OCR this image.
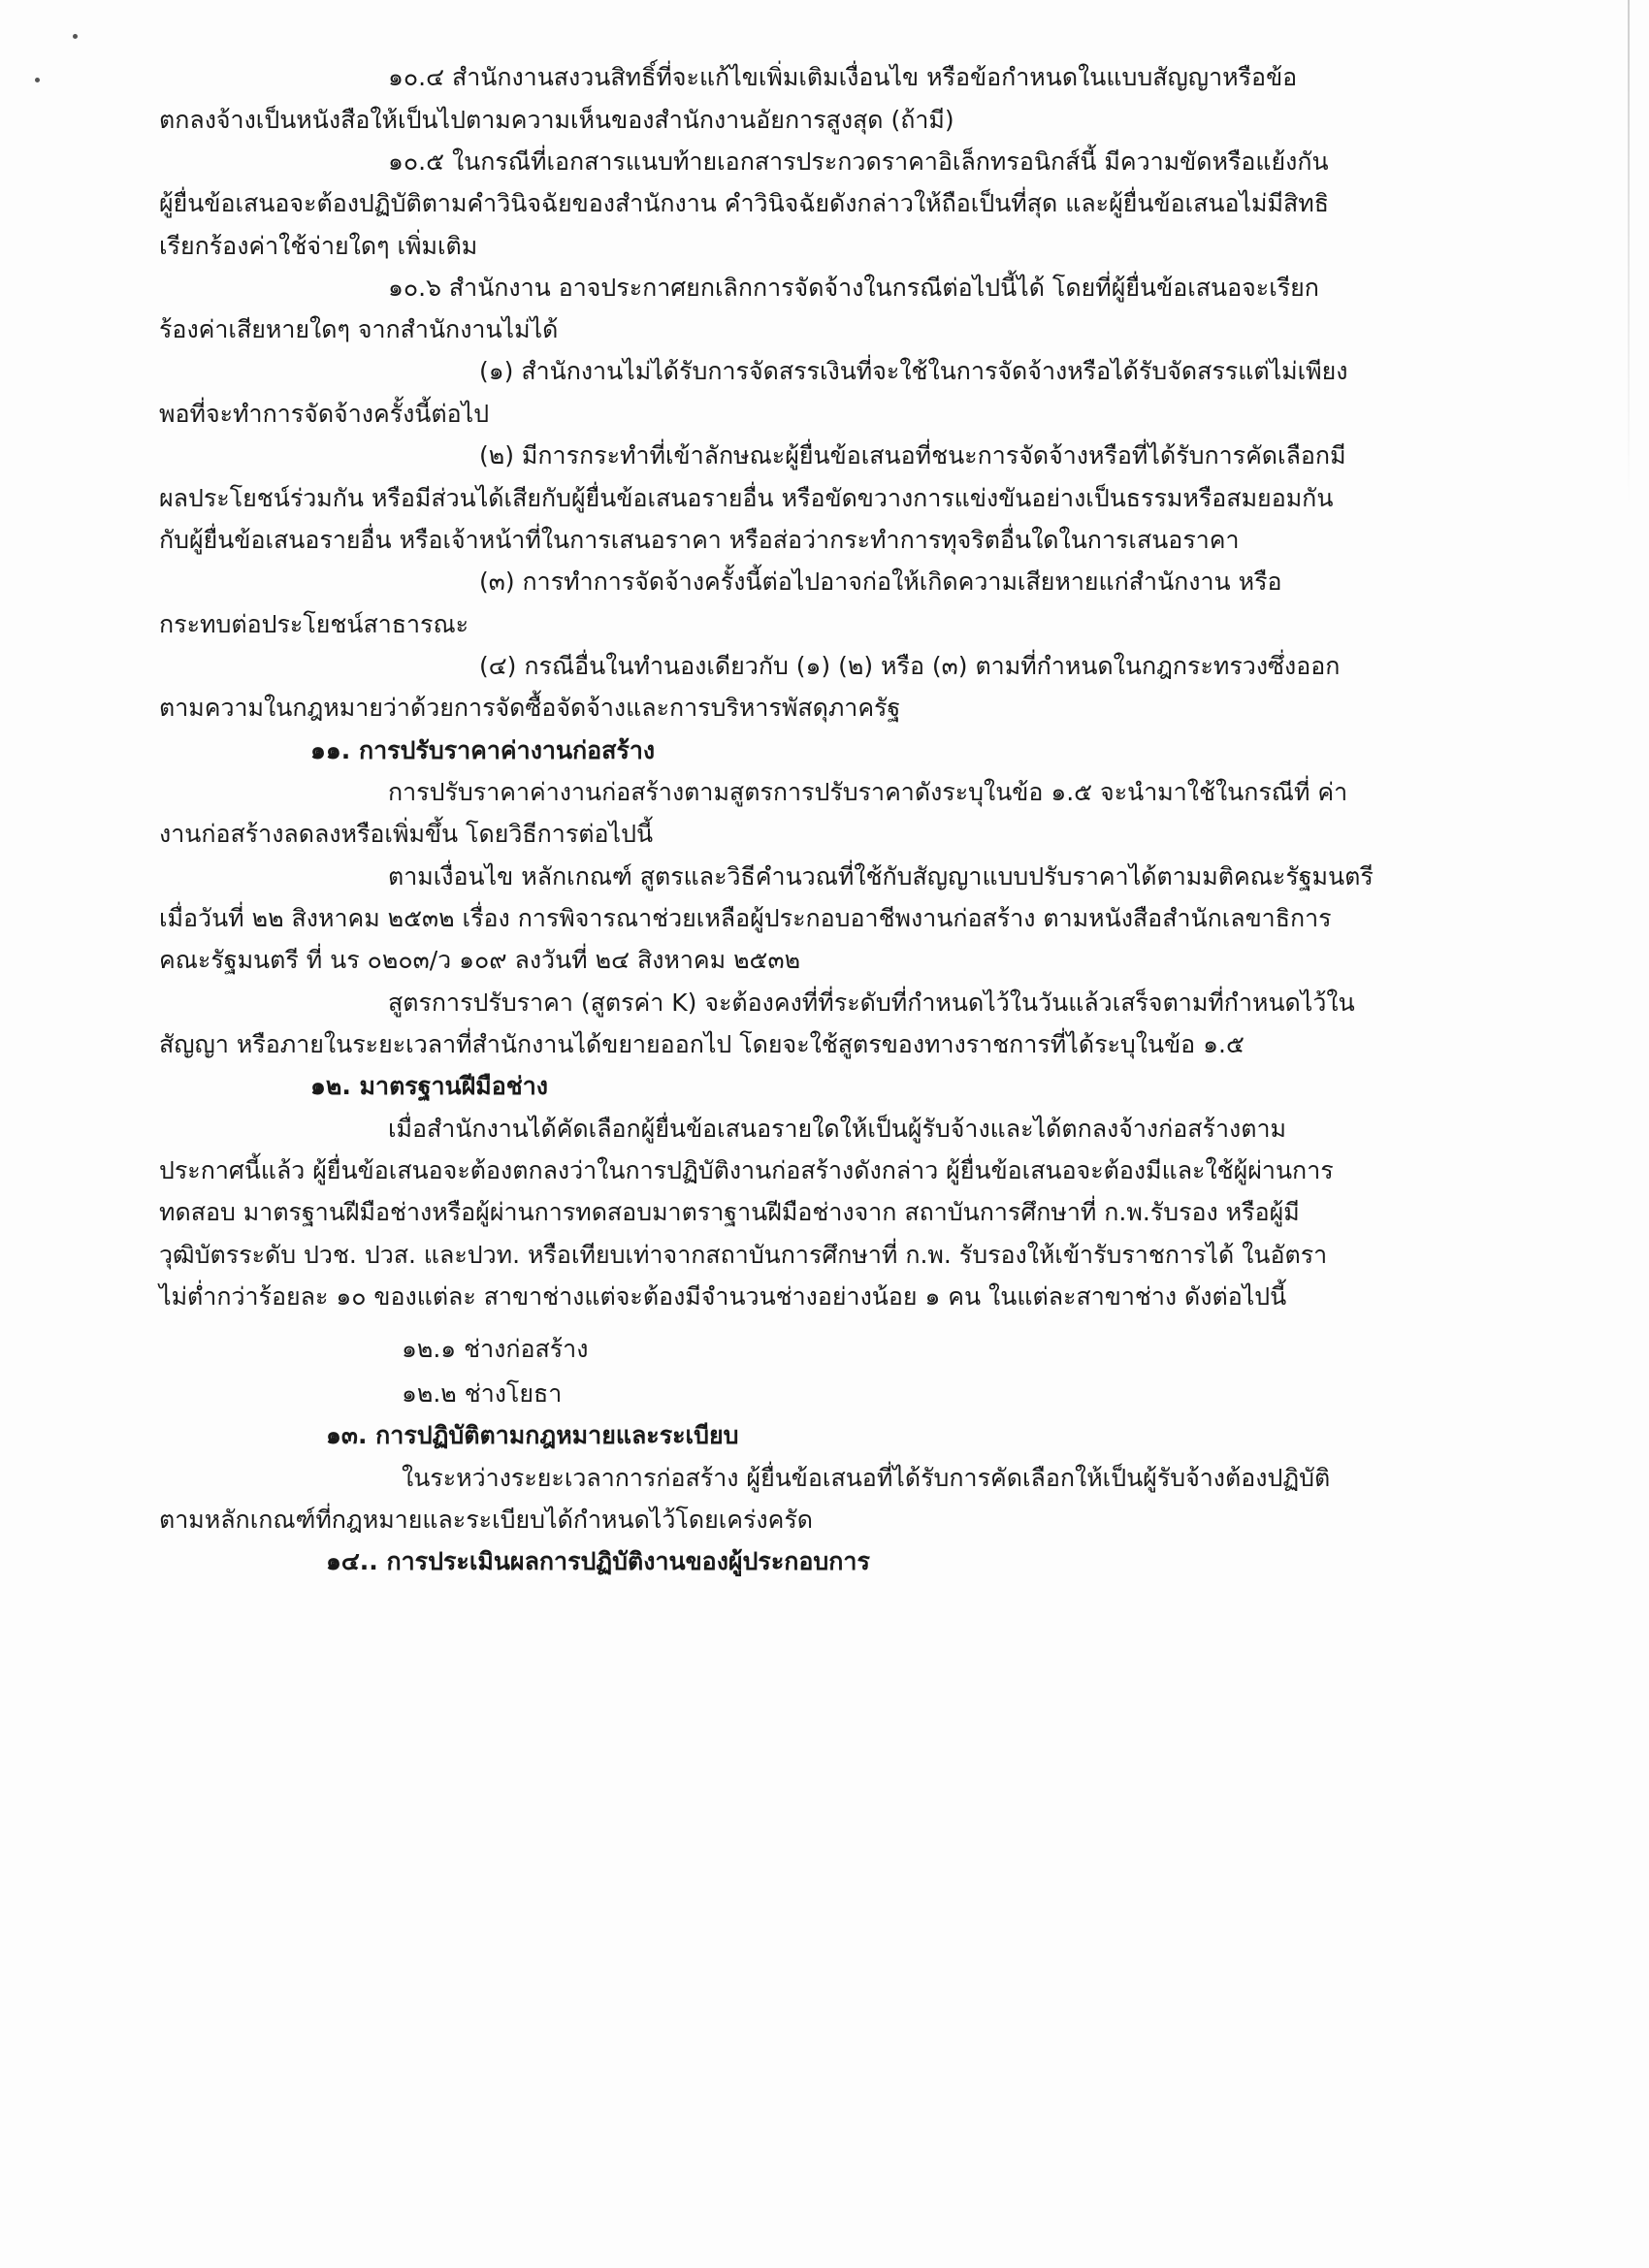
๑๐.๔ สำนักงานสงวนสิทธิ์ที่จะแก้ไขเพิ่มเติมเงื่อนไข หรือข้อกำหนดในแบบสัญญาหรือข้อ
ตกลงจ้างเป็นหนังสือให้เป็นไปตามความเห็นของสำนักงานอัยการสูงสุด (ถ้ามี)
๑๐.๕ ในกรณีที่เอกสารแนบท้ายเอกสารประกวดราคาอิเล็กทรอนิกส์นี้ มีความขัดหรือแย้งกัน
ผู้ยื่นข้อเสนอจะต้องปฏิบัติตามคำวินิจฉัยของสำนักงาน คำวินิจฉัยดังกล่าวให้ถือเป็นที่สุด และผู้ยื่นข้อเสนอไม่มีสิทธิ
เรียกร้องค่าใช้จ่ายใดๆ เพิ่มเติม
๑๐.๖ สำนักงาน อาจประกาศยกเลิกการจัดจ้างในกรณีต่อไปนี้ได้ โดยที่ผู้ยื่นข้อเสนอจะเรียก
ร้องค่าเสียหายใดๆ จากสำนักงานไม่ได้
(๑) สำนักงานไม่ได้รับการจัดสรรเงินที่จะใช้ในการจัดจ้างหรือได้รับจัดสรรแต่ไม่เพียง
พอที่จะทำการจัดจ้างครั้งนี้ต่อไป
(๒) มีการกระทำที่เข้าลักษณะผู้ยื่นข้อเสนอที่ชนะการจัดจ้างหรือที่ได้รับการคัดเลือกมี
ผลประโยชน์ร่วมกัน หรือมีส่วนได้เสียกับผู้ยื่นข้อเสนอรายอื่น หรือขัดขวางการแข่งขันอย่างเป็นธรรมหรือสมยอมกัน
กับผู้ยื่นข้อเสนอรายอื่น หรือเจ้าหน้าที่ในการเสนอราคา หรือส่อว่ากระทำการทุจริตอื่นใดในการเสนอราคา
(๓) การทำการจัดจ้างครั้งนี้ต่อไปอาจก่อให้เกิดความเสียหายแก่สำนักงาน หรือ
กระทบต่อประโยชน์สาธารณะ
(๔) กรณีอื่นในทำนองเดียวกับ (๑) (๒) หรือ (๓) ตามที่กำหนดในกฎกระทรวงซึ่งออก
ตามความในกฎหมายว่าด้วยการจัดซื้อจัดจ้างและการบริหารพัสดุภาครัฐ
๑๑. การปรับราคาค่างานก่อสร้าง
การปรับราคาค่างานก่อสร้างตามสูตรการปรับราคาดังระบุในข้อ ๑.๕ จะนำมาใช้ในกรณีที่ ค่า
งานก่อสร้างลดลงหรือเพิ่มขึ้น โดยวิธีการต่อไปนี้
ตามเงื่อนไข หลักเกณฑ์ สูตรและวิธีคำนวณที่ใช้กับสัญญาแบบปรับราคาได้ตามมติคณะรัฐมนตรี
เมื่อวันที่ ๒๒ สิงหาคม ๒๕๓๒ เรื่อง การพิจารณาช่วยเหลือผู้ประกอบอาชีพงานก่อสร้าง ตามหนังสือสำนักเลขาธิการ
คณะรัฐมนตรี ที่ นร ๐๒๐๓/ว ๑๐๙ ลงวันที่ ๒๔ สิงหาคม ๒๕๓๒
สูตรการปรับราคา (สูตรค่า K) จะต้องคงที่ที่ระดับที่กำหนดไว้ในวันแล้วเสร็จตามที่กำหนดไว้ใน
สัญญา หรือภายในระยะเวลาที่สำนักงานได้ขยายออกไป โดยจะใช้สูตรของทางราชการที่ได้ระบุในข้อ ๑.๕
๑๒. มาตรฐานฝีมือช่าง
เมื่อสำนักงานได้คัดเลือกผู้ยื่นข้อเสนอรายใดให้เป็นผู้รับจ้างและได้ตกลงจ้างก่อสร้างตาม
ประกาศนี้แล้ว ผู้ยื่นข้อเสนอจะต้องตกลงว่าในการปฏิบัติงานก่อสร้างดังกล่าว ผู้ยื่นข้อเสนอจะต้องมีและใช้ผู้ผ่านการ
ทดสอบ มาตรฐานฝีมือช่างหรือผู้ผ่านการทดสอบมาตราฐานฝีมือช่างจาก สถาบันการศึกษาที่ ก.พ.รับรอง หรือผู้มี
วุฒิบัตรระดับ ปวช. ปวส. และปวท. หรือเทียบเท่าจากสถาบันการศึกษาที่ ก.พ. รับรองให้เข้ารับราชการได้ ในอัตรา
ไม่ต่ำกว่าร้อยละ ๑๐ ของแต่ละ สาขาช่างแต่จะต้องมีจำนวนช่างอย่างน้อย ๑ คน ในแต่ละสาขาช่าง ดังต่อไปนี้
๑๒.๑ ช่างก่อสร้าง
๑๒.๒ ช่างโยธา
๑๓. การปฏิบัติตามกฎหมายและระเบียบ
ในระหว่างระยะเวลาการก่อสร้าง ผู้ยื่นข้อเสนอที่ได้รับการคัดเลือกให้เป็นผู้รับจ้างต้องปฏิบัติ
ตามหลักเกณฑ์ที่กฎหมายและระเบียบได้กำหนดไว้โดยเคร่งครัด
๑๔.. การประเมินผลการปฏิบัติงานของผู้ประกอบการ
